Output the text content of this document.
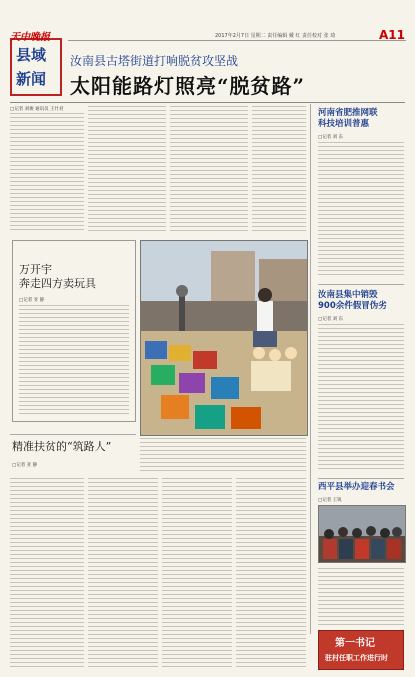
天中晚报
县域
新闻
2017年2月7日 星期二 责任编辑 戴 红 责任校对 张 琦	A11
汝南县古塔街道打响脱贫攻坚战
太阳能路灯照亮“脱贫路”
□记者 刘俊 通讯员 王竹君	河南省肥推网联
科技培训普惠
□记者 刘 东
汝南县集中销毁
900余件假冒伪劣
□记者 刘 东
西平县举办迎春书会
□记者 王锐
第一书记
驻村任职工作进行时
万开宇
奔走四方卖玩具
□记者 亚 静
精准扶贫的“筑路人”
□记者 亚 静
